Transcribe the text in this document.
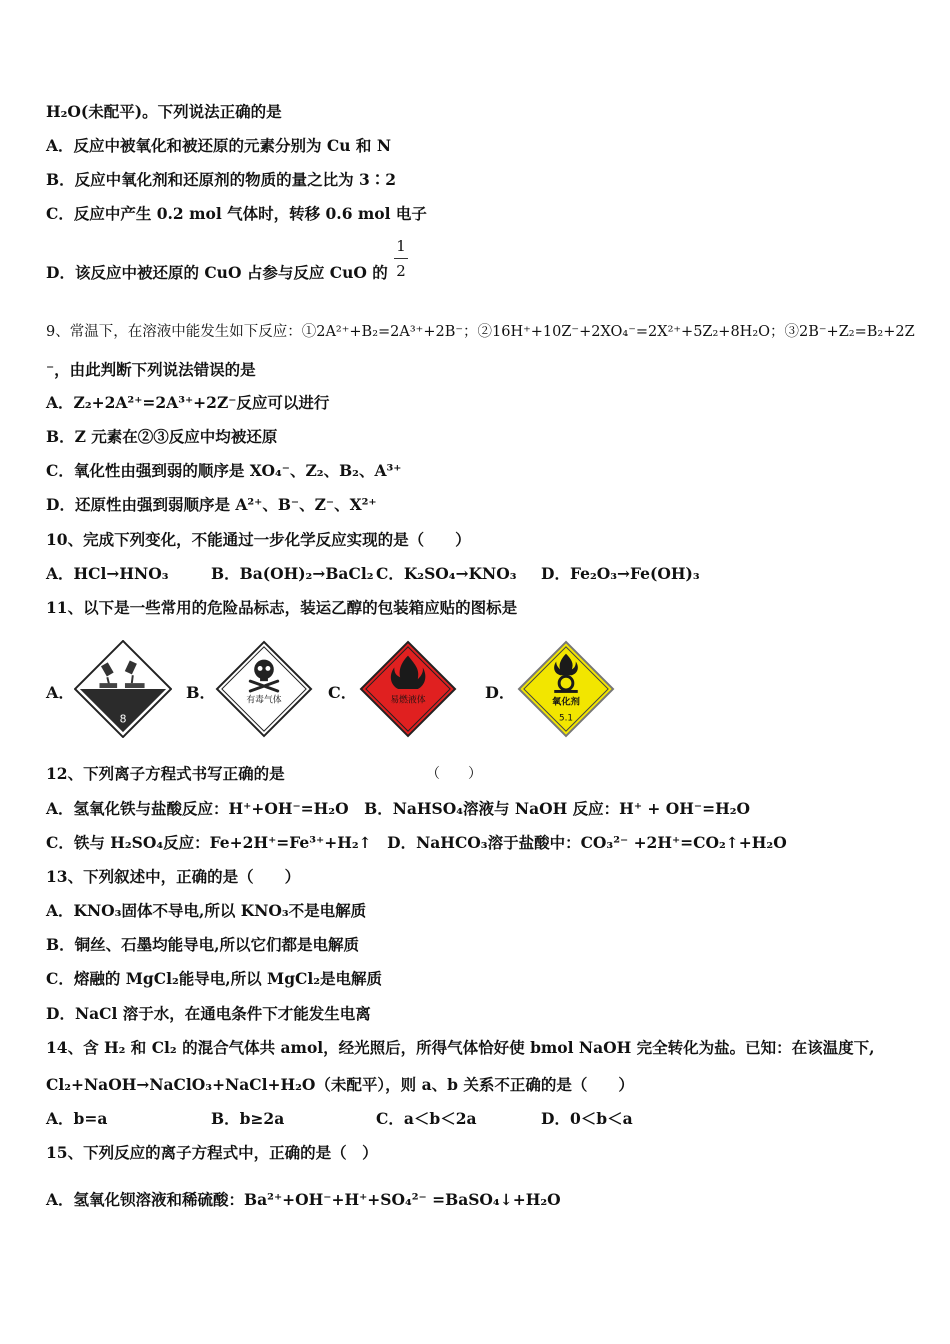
H₂O(未配平)。下列说法正确的是
A．反应中被氧化和被还原的元素分别为 Cu 和 N
B．反应中氧化剂和还原剂的物质的量之比为 3∶2
C．反应中产生 0.2 mol 气体时，转移 0.6 mol 电子
D．该反应中被还原的 CuO 占参与反应 CuO 的
1
2
9、常温下，在溶液中能发生如下反应：①2A²⁺+B₂=2A³⁺+2B⁻；②16H⁺+10Z⁻+2XO₄⁻=2X²⁺+5Z₂+8H₂O；③2B⁻+Z₂=B₂+2Z
⁻，由此判断下列说法错误的是
A．Z₂+2A²⁺=2A³⁺+2Z⁻反应可以进行
B．Z 元素在②③反应中均被还原
C．氧化性由强到弱的顺序是 XO₄⁻、Z₂、B₂、A³⁺
D．还原性由强到弱顺序是 A²⁺、B⁻、Z⁻、X²⁺
10、完成下列变化，不能通过一步化学反应实现的是（　　）
A．HCl→HNO₃	B．Ba(OH)₂→BaCl₂ C．K₂SO₄→KNO₃ D．Fe₂O₃→Fe(OH)₃
11、以下是一些常用的危险品标志，装运乙醇的包装箱应贴的图标是
A．
8
B．	有毒气体	C．	易燃液体	D．
氧化剂
5.1
12、下列离子方程式书写正确的是	（　　）
A．氢氧化铁与盐酸反应：H⁺+OH⁻=H₂O　B．NaHSO₄溶液与 NaOH 反应：H⁺ + OH⁻=H₂O
C．铁与 H₂SO₄反应：Fe+2H⁺=Fe³⁺+H₂↑　D．NaHCO₃溶于盐酸中：CO₃²⁻ +2H⁺=CO₂↑+H₂O
13、下列叙述中，正确的是（　　）
A．KNO₃固体不导电,所以 KNO₃不是电解质
B．铜丝、石墨均能导电,所以它们都是电解质
C．熔融的 MgCl₂能导电,所以 MgCl₂是电解质
D．NaCl 溶于水，在通电条件下才能发生电离
14、含 H₂ 和 Cl₂ 的混合气体共 amol，经光照后，所得气体恰好使 bmol NaOH 完全转化为盐。已知：在该温度下,
Cl₂+NaOH→NaClO₃+NaCl+H₂O（未配平），则 a、b 关系不正确的是（　　）
A．b=a	B．b≥2a	C．a＜b＜2a	D．0＜b＜a
15、下列反应的离子方程式中，正确的是（　）
A．氢氧化钡溶液和稀硫酸：Ba²⁺+OH⁻+H⁺+SO₄²⁻ =BaSO₄↓+H₂O
